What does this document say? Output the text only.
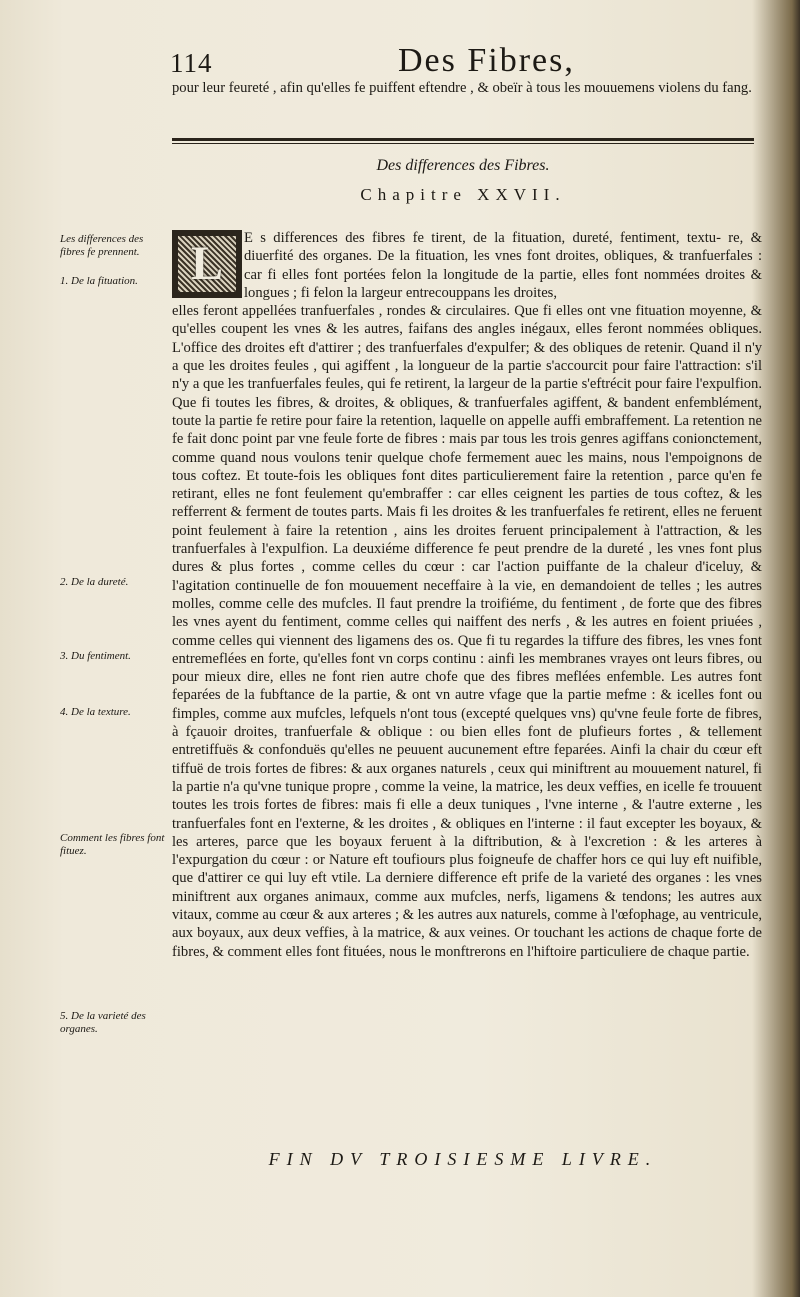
114	Des Fibres,
pour leur feureté , afin qu'elles fe puiffent eftendre , & obeïr à tous les mouuemens violens du fang.
Des differences des Fibres.
Chapitre XXVII.
L	E s differences des fibres fe tirent, de la fituation, dureté, fentiment, textu- re, & diuerfité des organes. De la fituation, les vnes font droites, obliques, & tranfuerfales : car fi elles font portées felon la longitude de la partie, elles font nommées droites & longues ; fi felon la largeur entrecouppans les droites,
elles feront appellées tranfuerfales , rondes & circulaires. Que fi elles ont vne fituation moyenne, & qu'elles coupent les vnes & les autres, faifans des angles inégaux, elles feront nommées obliques. L'office des droites eft d'attirer ; des tranfuerfales d'expulfer; & des obliques de retenir. Quand il n'y a que les droites feules , qui agiffent , la longueur de la partie s'accourcit pour faire l'attraction: s'il n'y a que les tranfuerfales feules, qui fe retirent, la largeur de la partie s'eftrécit pour faire l'expulfion. Que fi toutes les fibres, & droites, & obliques, & tranfuerfales agiffent, & bandent enfemblément, toute la partie fe retire pour faire la retention, laquelle on appelle auffi embraffement. La retention ne fe fait donc point par vne feule forte de fibres : mais par tous les trois genres agiffans conionctement, comme quand nous voulons tenir quelque chofe fermement auec les mains, nous l'empoignons de tous coftez. Et toute-fois les obliques font dites particulierement faire la retention , parce qu'en fe retirant, elles ne font feulement qu'embraffer : car elles ceignent les parties de tous coftez, & les refferrent & ferment de toutes parts. Mais fi les droites & les tranfuerfales fe retirent, elles ne feruent point feulement à faire la retention , ains les droites feruent principalement à l'attraction, & les tranfuerfales à l'expulfion. La deuxiéme difference fe peut prendre de la dureté , les vnes font plus dures & plus fortes , comme celles du cœur : car l'action puiffante de la chaleur d'iceluy, & l'agitation continuelle de fon mouuement neceffaire à la vie, en demandoient de telles ; les autres molles, comme celle des mufcles. Il faut prendre la troifiéme, du fentiment , de forte que des fibres les vnes ayent du fentiment, comme celles qui naiffent des nerfs , & les autres en foient priuées , comme celles qui viennent des ligamens des os. Que fi tu regardes la tiffure des fibres, les vnes font entremeflées en forte, qu'elles font vn corps continu : ainfi les membranes vrayes ont leurs fibres, ou pour mieux dire, elles ne font rien autre chofe que des fibres meflées enfemble. Les autres font feparées de la fubftance de la partie, & ont vn autre vfage que la partie mefme : & icelles font ou fimples, comme aux mufcles, lefquels n'ont tous (excepté quelques vns) qu'vne feule forte de fibres, à fçauoir droites, tranfuerfale & oblique : ou bien elles font de plufieurs fortes , & tellement entretiffuës & confonduës qu'elles ne peuuent aucunement eftre feparées. Ainfi la chair du cœur eft tiffuë de trois fortes de fibres: & aux organes naturels , ceux qui miniftrent au mouuement naturel, fi la partie n'a qu'vne tunique propre , comme la veine, la matrice, les deux veffies, en icelle fe trouuent toutes les trois fortes de fibres: mais fi elle a deux tuniques , l'vne interne , & l'autre externe , les tranfuerfales font en l'externe, & les droites , & obliques en l'interne : il faut excepter les boyaux, & les arteres, parce que les boyaux feruent à la diftribution, & à l'excretion : & les arteres à l'expurgation du cœur : or Nature eft toufiours plus foigneufe de chaffer hors ce qui luy eft nuifible, que d'attirer ce qui luy eft vtile. La derniere difference eft prife de la varieté des organes : les vnes miniftrent aux organes animaux, comme aux mufcles, nerfs, ligamens & tendons; les autres aux vitaux, comme au cœur & aux arteres ; & les autres aux naturels, comme à l'œfophage, au ventricule, aux boyaux, aux deux veffies, à la matrice, & aux veines. Or touchant les actions de chaque forte de fibres, & comment elles font fituées, nous le monftrerons en l'hiftoire particuliere de chaque partie.
Les differences des fibres fe prennent.
1. De la fituation.
2. De la dureté.
3. Du fentiment.
4. De la texture.
Comment les fibres font fituez.
5. De la varieté des organes.
FIN DV TROISIESME LIVRE.
